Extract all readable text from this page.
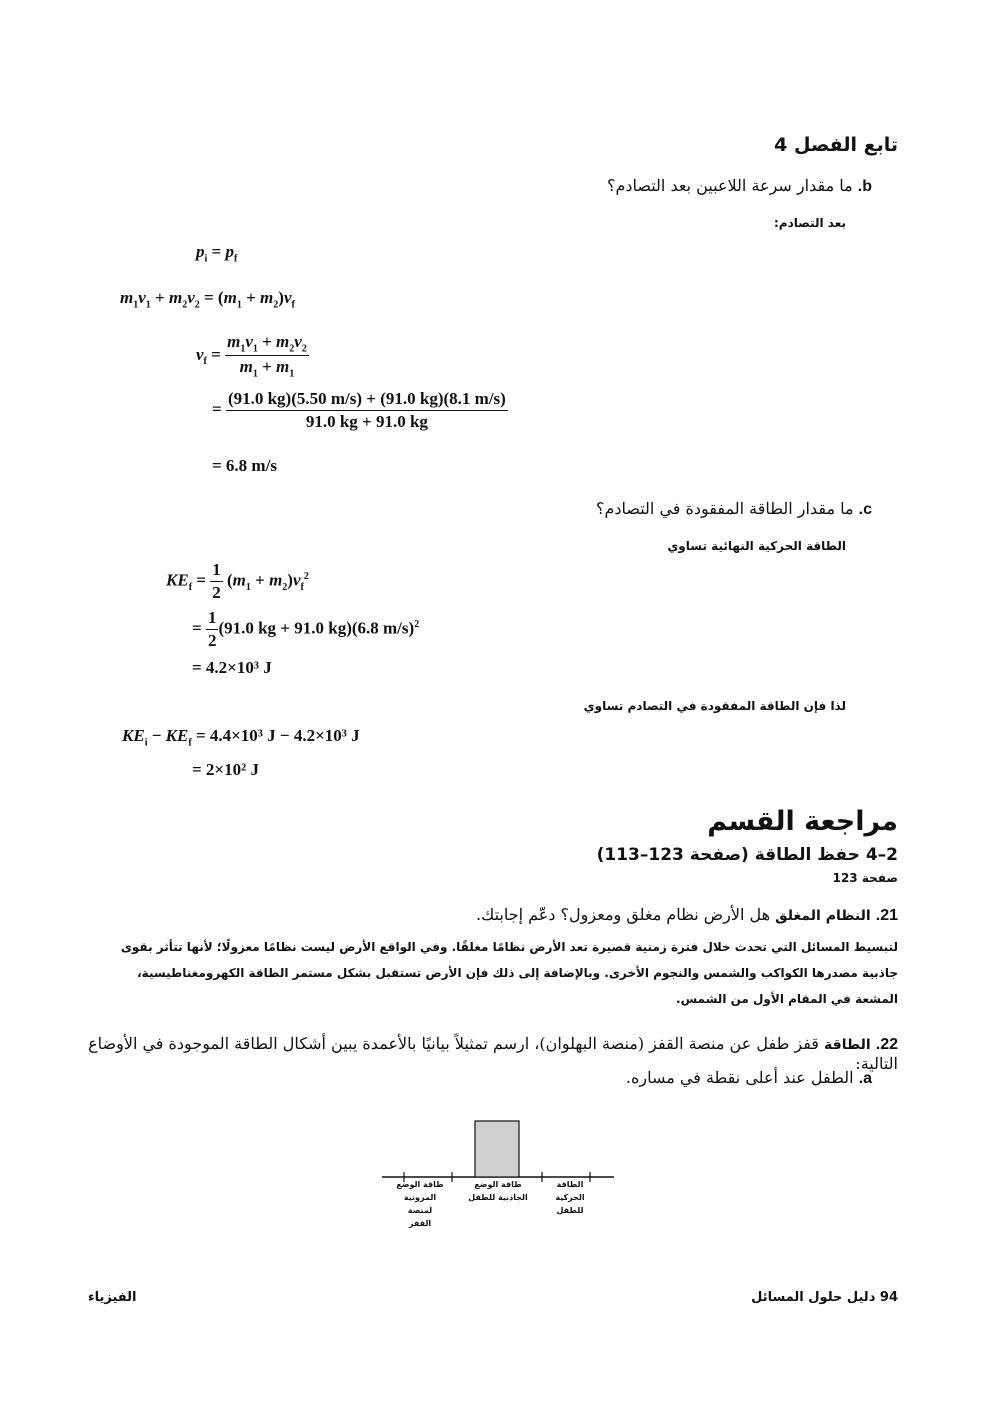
تابع الفصل 4
b. ما مقدار سرعة اللاعبين بعد التصادم؟
بعد التصادم:
$p_i = p_f$
$m_1v_1 + m_2v_2 = (m_1 + m_2)v_f$
$v_f = \frac{m_1v_1 + m_2v_2}{m_1 + m_1}$
= $\frac{(91.0 kg)(5.50 m/s) + (91.0 kg)(8.1 m/s)}{91.0 kg + 91.0 kg}$
= 6.8 m/s
c. ما مقدار الطاقة المفقودة في التصادم؟
الطاقة الحركية النهائية تساوي
$KE_f = \frac{1}{2} (m_1 + m_2)v_f^2$
= $\frac{1}{2} (91.0$ kg + 91.0 kg)(6.8 m/s)$^2$
= 4.2×10³ J
لذا فإن الطاقة المفقودة في التصادم تساوي
$KE_i - KE_f = 4.4\times 10^3$ J − 4.2×10³ J
= 2×10² J
مراجعة القسم
2–4 حفظ الطاقة (صفحة 123–113)
صفحة 123
21. النظام المغلق هل الأرض نظام مغلق ومعزول؟ دعّم إجابتك.
لتبسيط المسائل التي تحدث خلال فترة زمنية قصيرة تعد الأرض نظامًا مغلقًا. وفي الواقع الأرض ليست نظامًا معزولًا؛ لأنها تتأثر بقوى
جاذبية مصدرها الكواكب والشمس والنجوم الأخرى. وبالإضافة إلى ذلك فإن الأرض تستقبل بشكل مستمر الطاقة الكهرومغناطيسية،
المشعة في المقام الأول من الشمس.
22. الطاقة قفز طفل عن منصة القفز (منصة البهلوان)، ارسم تمثيلاً بيانيًا بالأعمدة يبين أشكال الطاقة الموجودة في الأوضاع التالية:
a. الطفل عند أعلى نقطة في مساره.
طاقة الوضع
المرونية لمنصة
القفز
طاقة الوضع
الجاذبية للطفل
الطاقة
الحركية
للطفل
94 دليل حلول المسائل
الفيزياء
